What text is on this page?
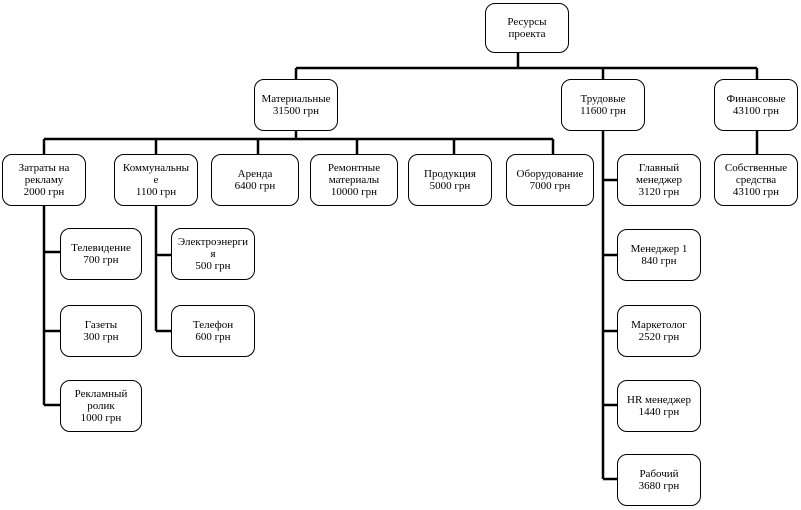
Ресурсы
проекта
Материальные
31500 грн
Трудовые
11600 грн
Финансовые
43100 грн
Затраты на
рекламу
2000 грн
Коммунальны
е
1100 грн
Аренда
6400 грн
Ремонтные
материалы
10000 грн
Продукция
5000 грн
Оборудование
7000 грн
Телевидение
700 грн
Газеты
300 грн
Рекламный
ролик
1000 грн
Электроэнерги
я
500 грн
Телефон
600 грн
Главный
менеджер
3120 грн
Менеджер 1
840 грн
Маркетолог
2520 грн
HR менеджер
1440 грн
Рабочий
3680 грн
Собственные
средства
43100 грн
